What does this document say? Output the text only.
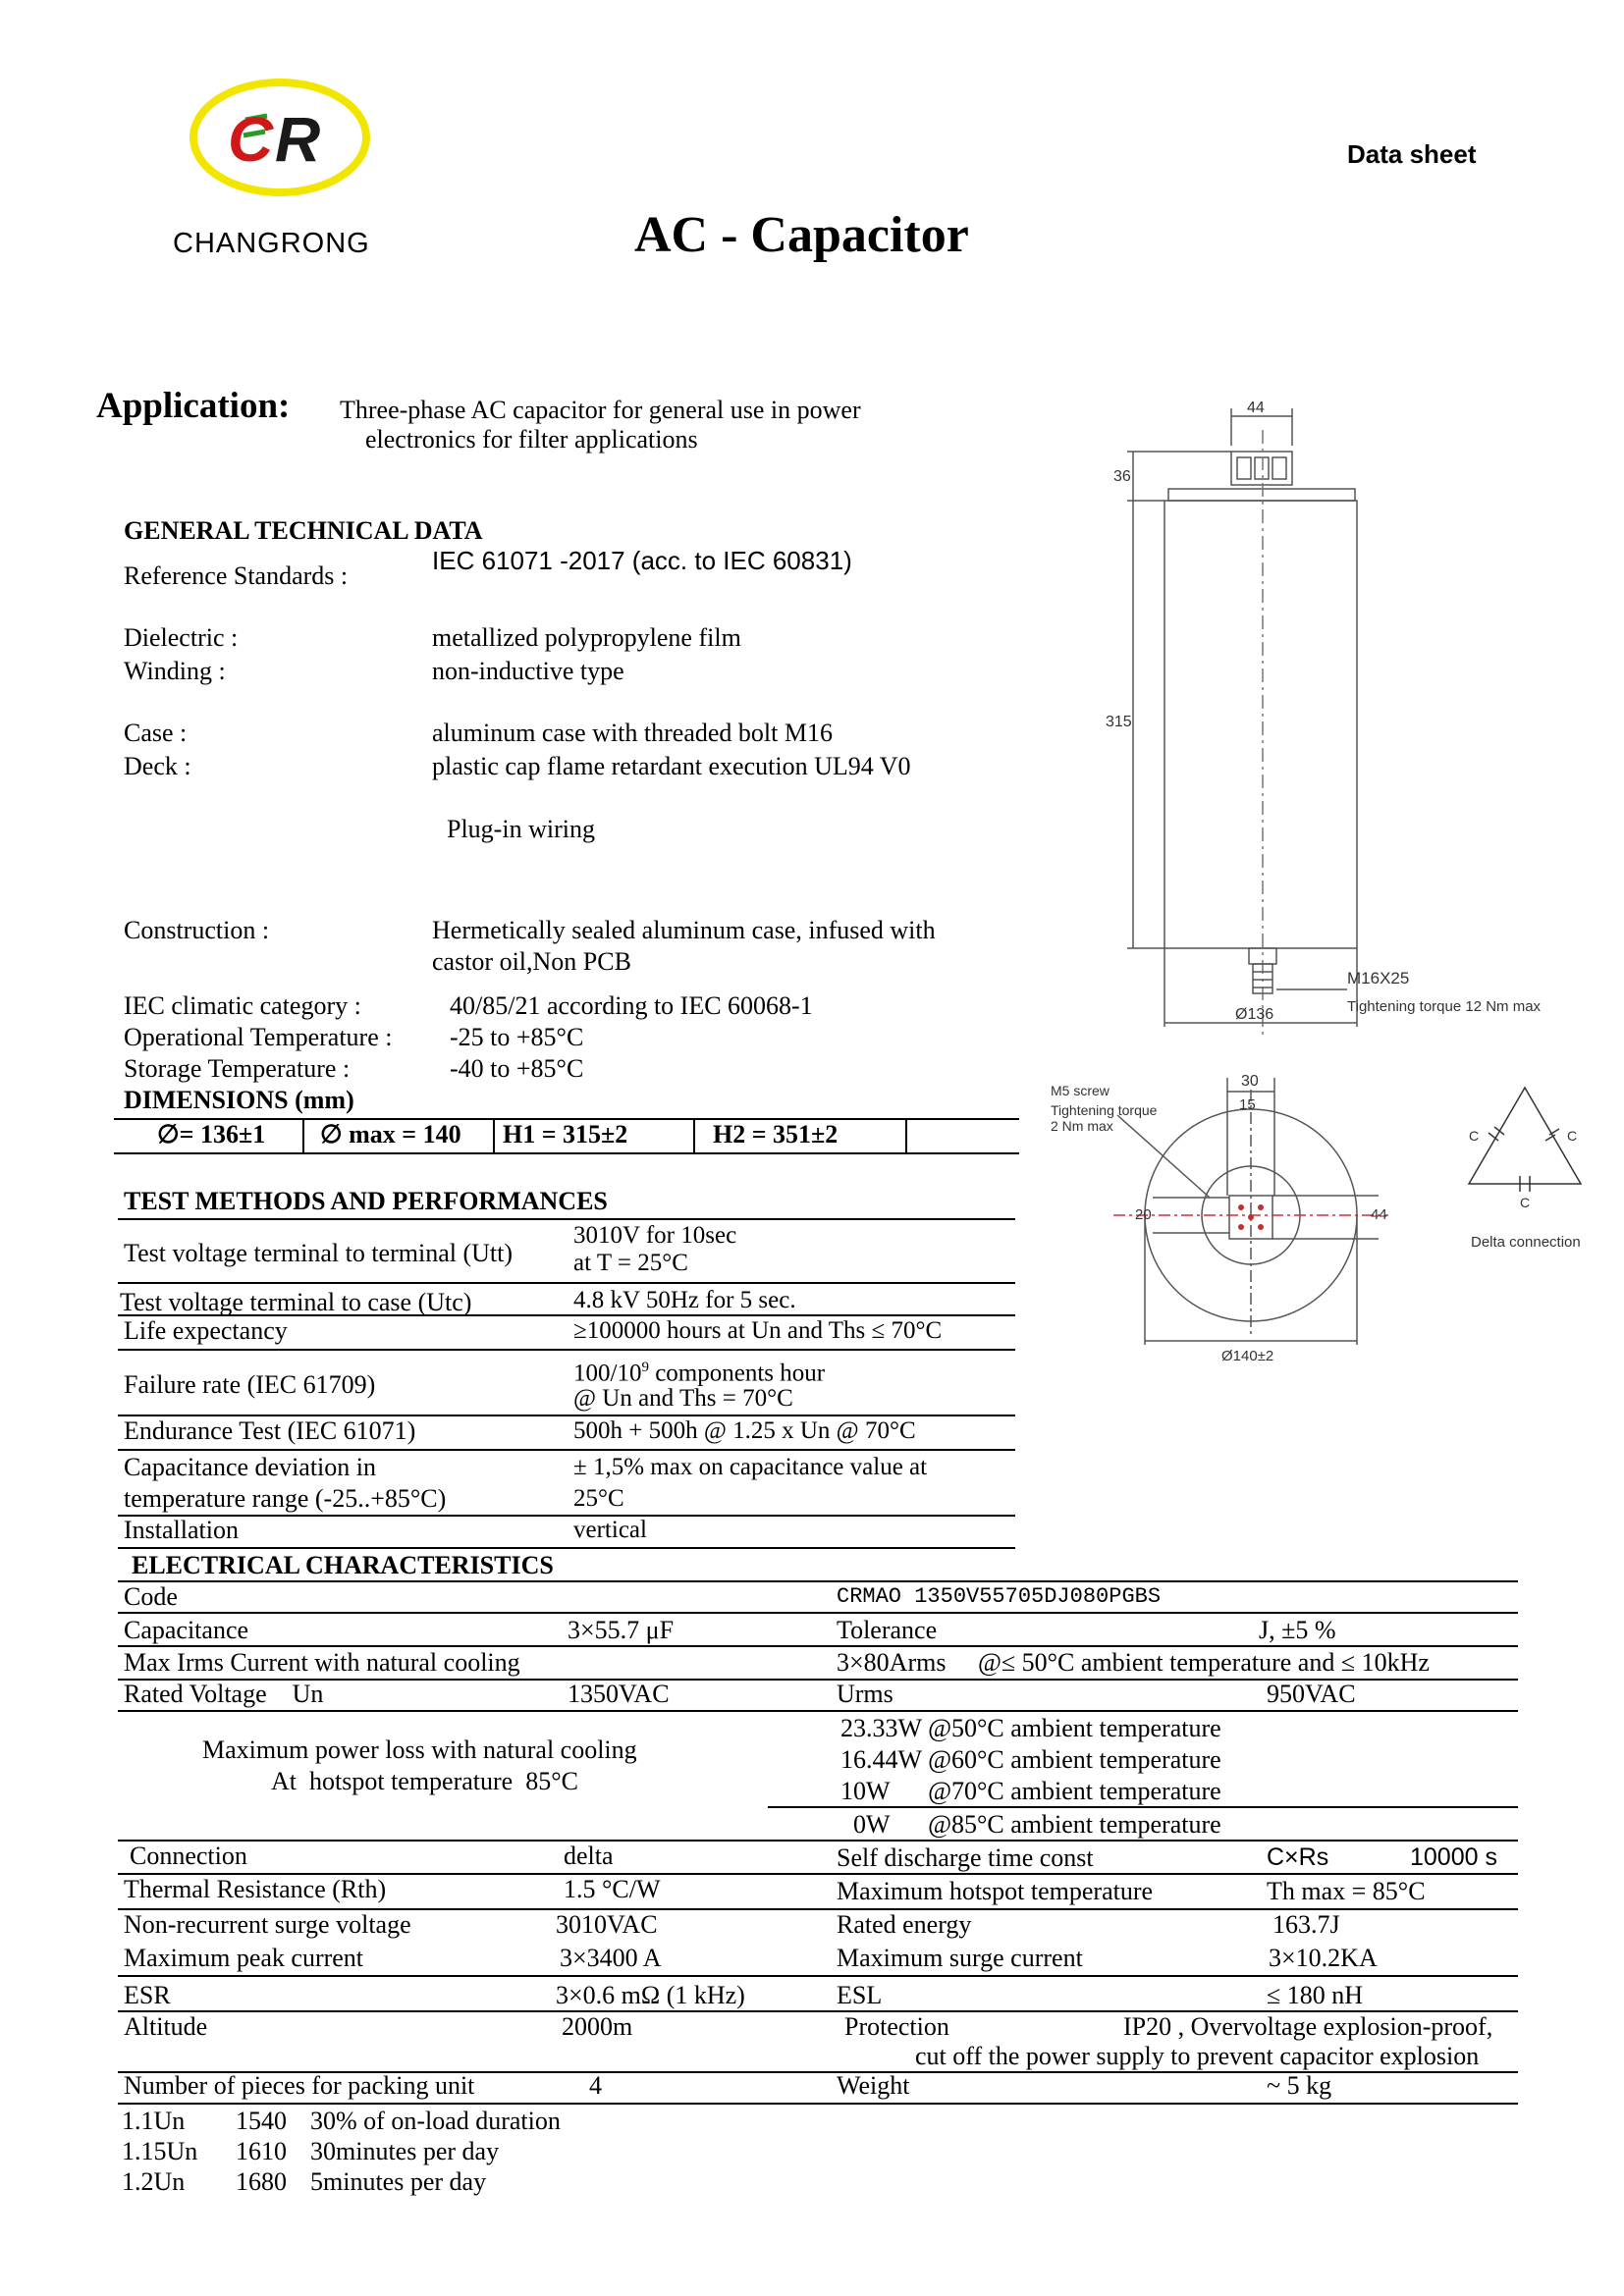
C R
CHANGRONG
Data sheet
AC - Capacitor
Application: Three-phase AC capacitor for general use in power
electronics for filter applications
GENERAL TECHNICAL DATA
Reference Standards :
IEC 61071 -2017 (acc. to IEC 60831)
Dielectric :	metallized polypropylene film
Winding :	non-inductive type
Case :	aluminum case with threaded bolt M16
Deck :	plastic cap flame retardant execution UL94 V0
Plug-in wiring
Construction :	Hermetically sealed aluminum case, infused with
castor oil,Non PCB
IEC climatic category :	40/85/21 according to IEC 60068-1
Operational Temperature : -25 to +85°C
Storage Temperature :	-40 to +85°C
DIMENSIONS (mm)
∅= 136±1 ∅ max = 140 H1 = 315±2	H2 = 351±2
TEST METHODS AND PERFORMANCES
Test voltage terminal to terminal (Utt)
3010V for 10sec
at T = 25°C
Test voltage terminal to case (Utc)	4.8 kV 50Hz for 5 sec.
Life expectancy	≥100000 hours at Un and Ths ≤ 70°C
Failure rate (IEC 61709)	$100/10^9$ components hour
@ Un and Ths = 70°C
Endurance Test (IEC 61071)	500h + 500h @ 1.25 x Un @ 70°C
Capacitance deviation in
temperature range (-25..+85°C)
± 1,5% max on capacitance value at
25°C
Installation	vertical
ELECTRICAL CHARACTERISTICS
Code	CRMAO 1350V55705DJ080PGBS
Capacitance	3×55.7 μF	Tolerance	J, ±5 %
Max Irms Current with natural cooling	3×80Arms     @≤ 50°C ambient temperature and ≤ 10kHz
Rated Voltage    Un	1350VAC	Urms	950VAC
Maximum power loss with natural cooling
At  hotspot temperature  85°C
23.33W @50°C ambient temperature
16.44W @60°C ambient temperature
10W      @70°C ambient temperature
0W      @85°C ambient temperature
Connection	delta	Self discharge time const	C×Rs	10000 s
Thermal Resistance (Rth)	1.5 °C/W	Maximum hotspot temperature	Th max = 85°C
Non-recurrent surge voltage	3010VAC	Rated energy	163.7J
Maximum peak current	3×3400 A	Maximum surge current	3×10.2KA
ESR	3×0.6 mΩ (1 kHz)	ESL	≤ 180 nH
Altitude	2000m	Protection	IP20 , Overvoltage explosion-proof,
cut off the power supply to prevent capacitor explosion
Number of pieces for packing unit	4	Weight	~ 5 kg
1.1Un 1540 30% of on-load duration
1.15Un 1610 30minutes per day
1.2Un 1680 5minutes per day
44
36
315
M16X25
Tightening torque 12 Nm max
Ø136
30
15
20	44
Ø140±2
M5 screw
Tightening torque
2 Nm max
C	C
C
Delta connection
